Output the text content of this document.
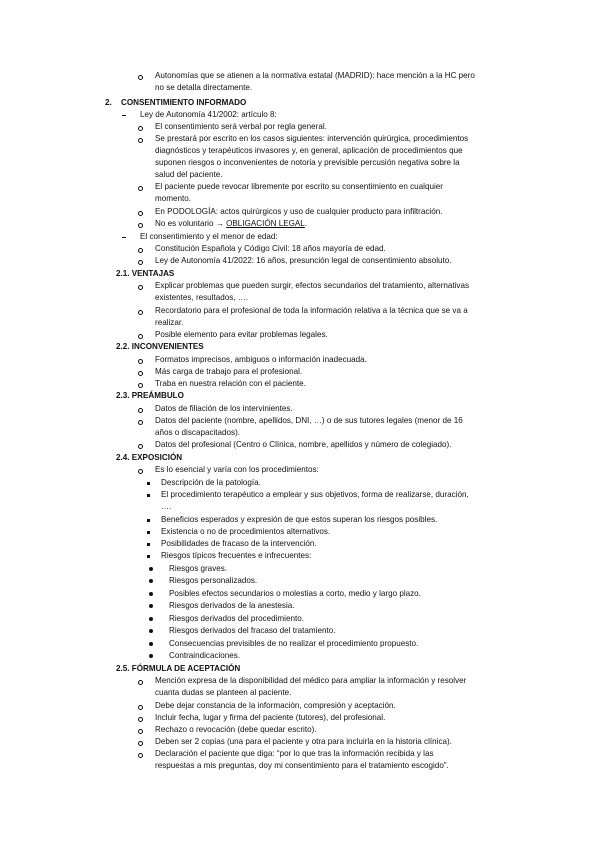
Autonomías que se atienen a la normativa estatal (MADRID): hace mención a la HC pero
no se detalla directamente.
2. CONSENTIMIENTO INFORMADO
Ley de Autonomía 41/2002: artículo 8:
El consentimiento será verbal por regla general.
Se prestará por escrito en los casos siguientes: intervención quirúrgica, procedimientos
diagnósticos y terapéuticos invasores y, en general, aplicación de procedimientos que
suponen riesgos o inconvenientes de notoria y previsible percusión negativa sobre la
salud del paciente.
El paciente puede revocar libremente por escrito su consentimiento en cualquier
momento.
En PODOLOGÍA: actos quirúrgicos y uso de cualquier producto para infiltración.
No es voluntario → OBLIGACIÓN LEGAL.
El consentimiento y el menor de edad:
Constitución Española y Código Civil: 18 años mayoría de edad.
Ley de Autonomía 41/2022: 16 años, presunción legal de consentimiento absoluto.
2.1. VENTAJAS
Explicar problemas que pueden surgir, efectos secundarios del tratamiento, alternativas
existentes, resultados, ….
Recordatorio para el profesional de toda la información relativa a la técnica que se va a
realizar.
Posible elemento para evitar problemas legales.
2.2. INCONVENIENTES
Formatos imprecisos, ambiguos o información inadecuada.
Más carga de trabajo para el profesional.
Traba en nuestra relación con el paciente.
2.3. PREÁMBULO
Datos de filiación de los intervinientes.
Datos del paciente (nombre, apellidos, DNI, …) o de sus tutores legales (menor de 16
años o discapacitados).
Datos del profesional (Centro o Clínica, nombre, apellidos y número de colegiado).
2.4. EXPOSICIÓN
Es lo esencial y varía con los procedimientos:
Descripción de la patología.
El procedimiento terapéutico a emplear y sus objetivos, forma de realizarse, duración,
….
Beneficios esperados y expresión de que estos superan los riesgos posibles.
Existencia o no de procedimientos alternativos.
Posibilidades de fracaso de la intervención.
Riesgos típicos frecuentes e infrecuentes:
Riesgos graves.
Riesgos personalizados.
Posibles efectos secundarios o molestias a corto, medio y largo plazo.
Riesgos derivados de la anestesia.
Riesgos derivados del procedimiento.
Riesgos derivados del fracaso del tratamiento.
Consecuencias previsibles de no realizar el procedimiento propuesto.
Contraindicaciones.
2.5. FÓRMULA DE ACEPTACIÓN
Mención expresa de la disponibilidad del médico para ampliar la información y resolver
cuanta dudas se planteen al paciente.
Debe dejar constancia de la información, compresión y aceptación.
Incluir fecha, lugar y firma del paciente (tutores), del profesional.
Rechazo o revocación (debe quedar escrito).
Deben ser 2 copias (una para el paciente y otra para incluirla en la historia clínica).
Declaración el paciente que diga: “por lo que tras la información recibida y las
respuestas a mis preguntas, doy mi consentimiento para el tratamiento escogido”.
